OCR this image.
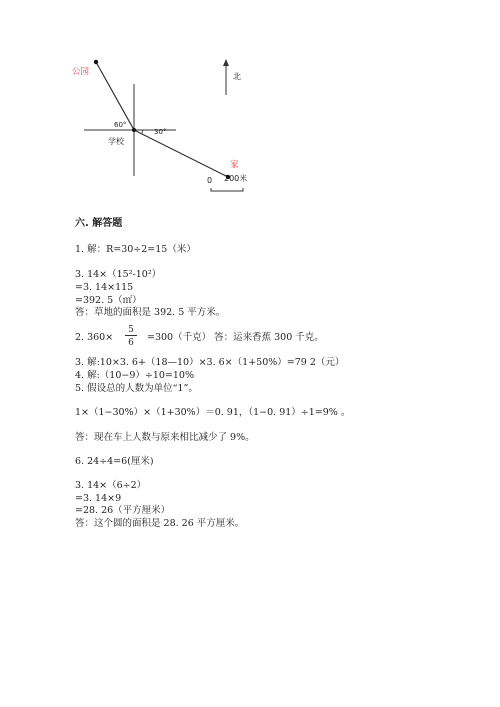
公园
学校
家
北
60°
30°
0 200米
六. 解答题
1. 解：R=30÷2=15（米）
3. 14×（15²-10²）
=3. 14×115
=392. 5（㎡）
答：草地的面积是 392. 5 平方米。
2. 360×
5
6	=300（千克） 答：运来香蕉 300 千克。
3. 解:10×3. 6+（18—10）×3. 6×（1+50%）=79 2（元）
4. 解:（10−9）÷10=10%
5. 假设总的人数为单位“1”。
1×（1−30%）×（1+30%）＝0. 91，（1−0. 91）÷1=9% 。
答：现在车上人数与原来相比减少了 9%。
6. 24÷4=6(厘米)
3. 14×（6÷2）
=3. 14×9
=28. 26（平方厘米）
答：这个圆的面积是 28. 26 平方厘米。
